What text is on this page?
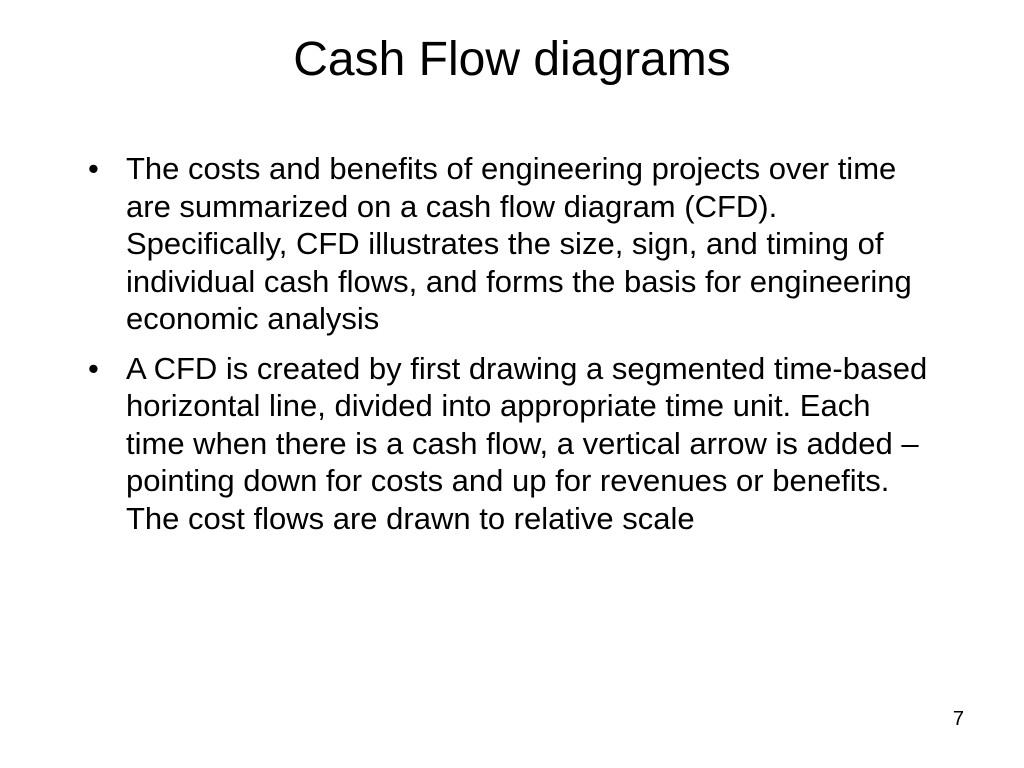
Cash Flow diagrams
• The costs and benefits of engineering projects over time are summarized on a cash flow diagram (CFD). Specifically, CFD illustrates the size, sign, and timing of individual cash flows, and forms the basis for engineering economic analysis
• A CFD is created by first drawing a segmented time-based horizontal line, divided into appropriate time unit. Each time when there is a cash flow, a vertical arrow is added – pointing down for costs and up for revenues or benefits. The cost flows are drawn to relative scale
7
